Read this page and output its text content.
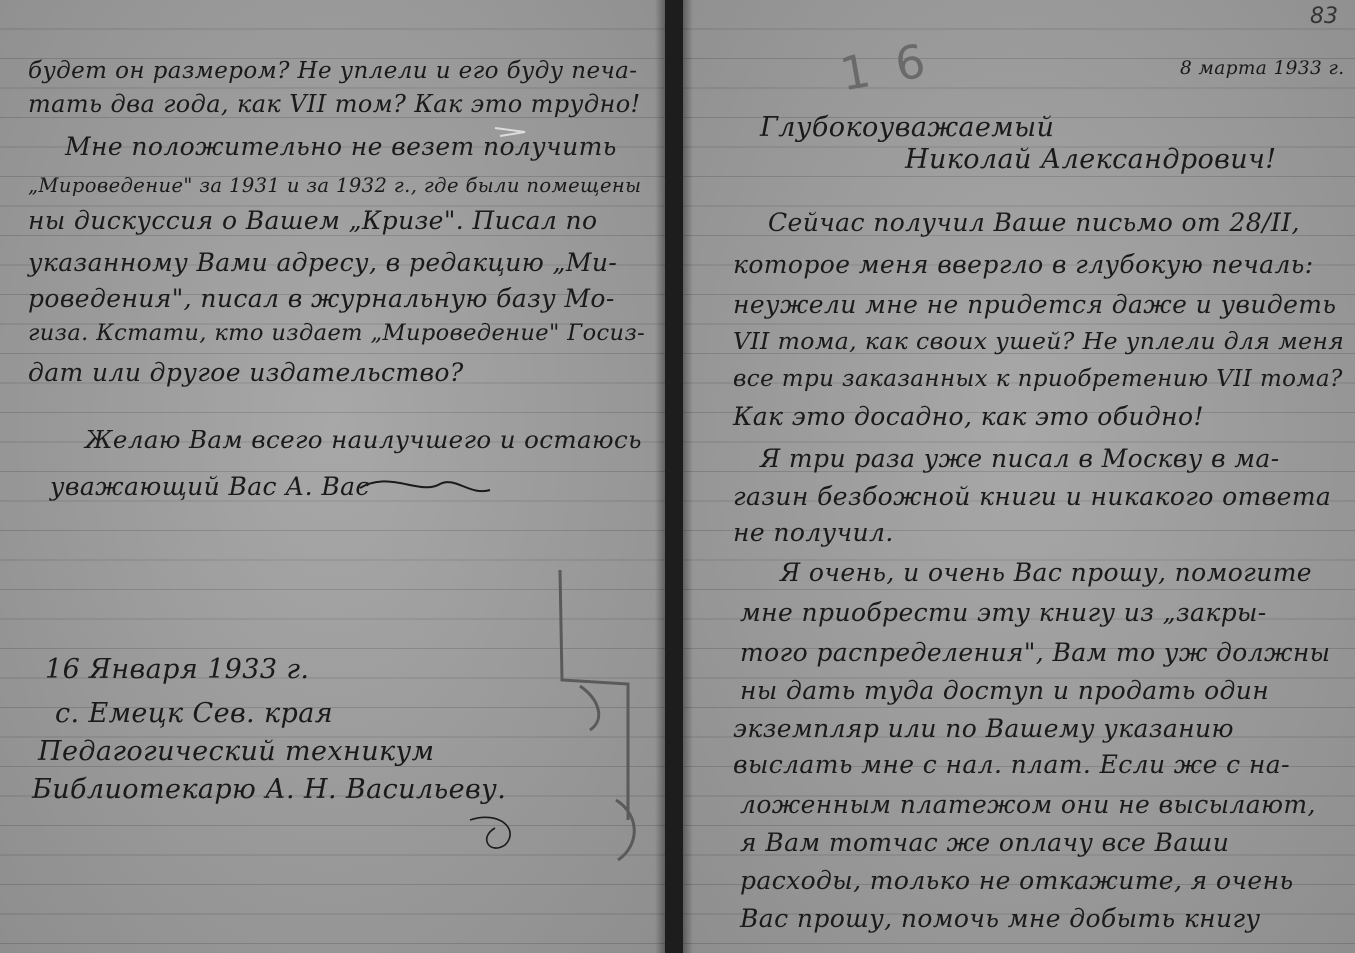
будет он размером? Не уплели и его буду печа-
тать два года, как VII том? Как это трудно!
Мне положительно не везет получить
„Мироведение" за 1931 и за 1932 г., где были помещены
ны дискуссия о Вашем „Кризе". Писал по
указанному Вами адресу, в редакцию „Ми-
роведения", писал в журнальную базу Мо-
гиза. Кстати, кто издает „Мироведение" Госиз-
дат или другое издательство?
Желаю Вам всего наилучшего и остаюсь
уважающий Вас А. Вас
16 Января 1933 г.
с. Емецк Сев. края
Педагогический техникум
Библиотекарю А. Н. Васильеву.
83
1 6	8 марта 1933 г.
Глубокоуважаемый
Николай Александрович!
Сейчас получил Ваше письмо от 28/II,
которое меня ввергло в глубокую печаль:
неужели мне не придется даже и увидеть
VII тома, как своих ушей? Не уплели для меня
все три заказанных к приобретению VII тома?
Как это досадно, как это обидно!
Я три раза уже писал в Москву в ма-
газин безбожной книги и никакого ответа
не получил.
Я очень, и очень Вас прошу, помогите
мне приобрести эту книгу из „закры-
того распределения", Вам то уж должны
ны дать туда доступ и продать один
экземпляр или по Вашему указанию
выслать мне с нал. плат. Если же с на-
ложенным платежом они не высылают,
я Вам тотчас же оплачу все Ваши
расходы, только не откажите, я очень
Вас прошу, помочь мне добыть книгу
